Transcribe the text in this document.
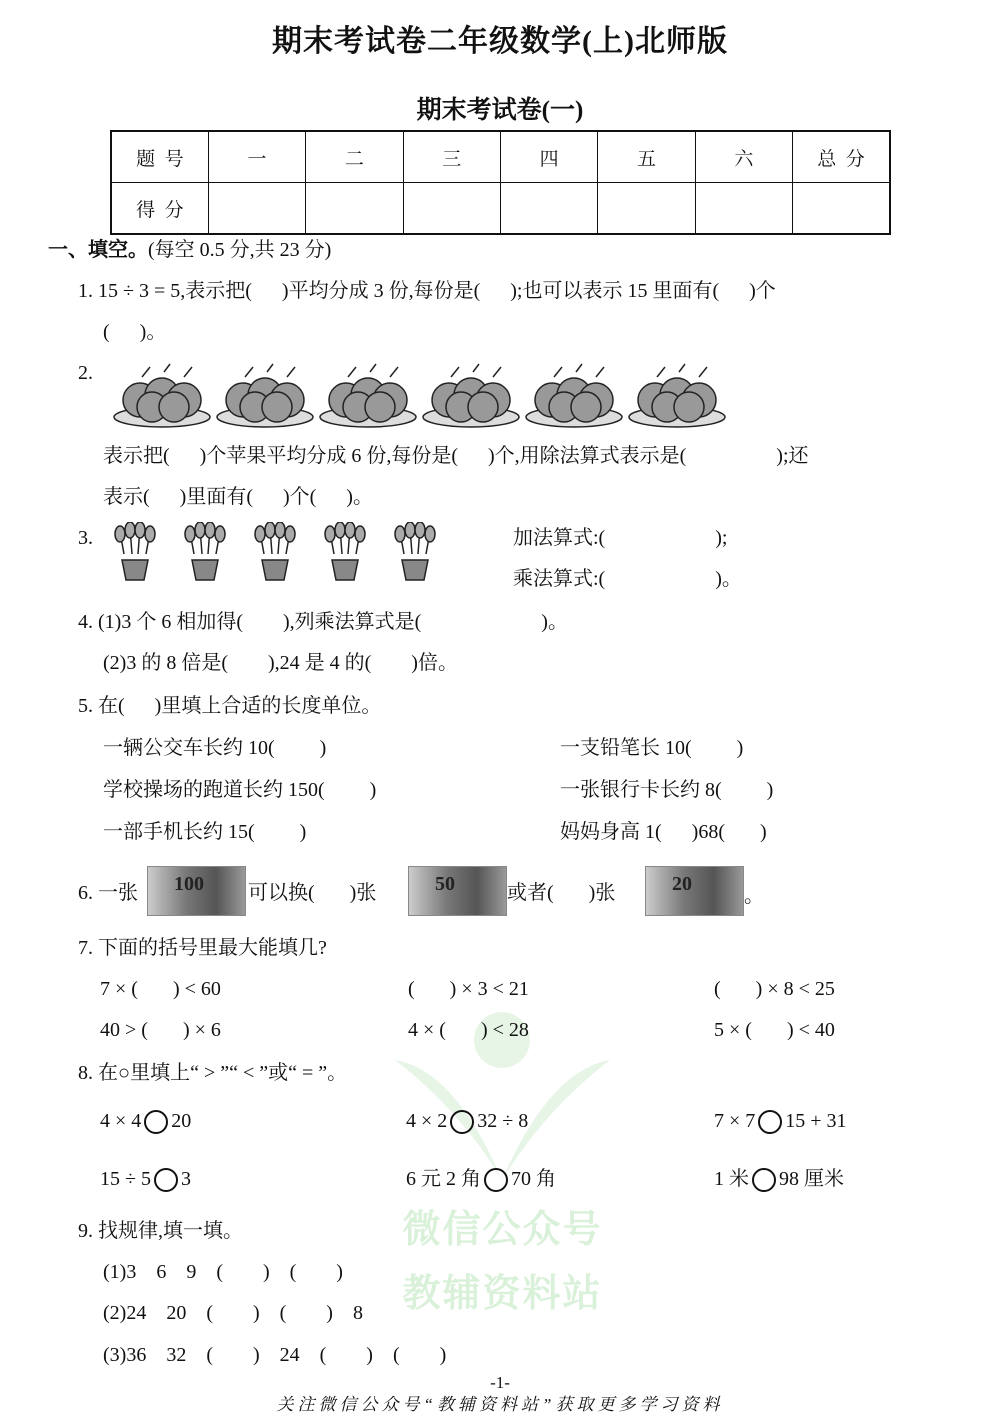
期末考试卷二年级数学(上)北师版
期末考试卷(一)
题  号	一	二	三	四	五	六	总  分
得  分							
微信公众号
教辅资料站
一、填空。(每空 0.5 分,共 23 分)
1. 15 ÷ 3 = 5,表示把(      )平均分成 3 份,每份是(      );也可以表示 15 里面有(      )个
(      )。
2.
表示把(      )个苹果平均分成 6 份,每份是(      )个,用除法算式表示是(                  );还
表示(      )里面有(      )个(      )。
3.	加法算式:(                      );
乘法算式:(                      )。
4. (1)3 个 6 相加得(        ),列乘法算式是(                        )。
(2)3 的 8 倍是(        ),24 是 4 的(        )倍。
5. 在(      )里填上合适的长度单位。
一辆公交车长约 10(         )	一支铅笔长 10(         )
学校操场的跑道长约 150(         )	一张银行卡长约 8(         )
一部手机长约 15(         )	妈妈身高 1(      )68(       )
6. 一张 100 可以换(       )张	50	或者(       )张	20
。
7. 下面的括号里最大能填几?
7 × (       ) < 60	(       ) × 3 < 21	(       ) × 8 < 25
40 > (       ) × 6	4 × (       ) < 28	5 × (       ) < 40
8. 在○里填上“ > ”“ < ”或“ = ”。
4 × 4 20	4 × 2 32 ÷ 8	7 × 7 15 + 31
15 ÷ 5 3	6 元 2 角 70 角	1 米 98 厘米
9. 找规律,填一填。
(1)3    6    9    (        )    (        )
(2)24    20    (        )    (        )    8
(3)36    32    (        )    24    (        )    (        )
-1-
关注微信公众号“教辅资料站”获取更多学习资料
